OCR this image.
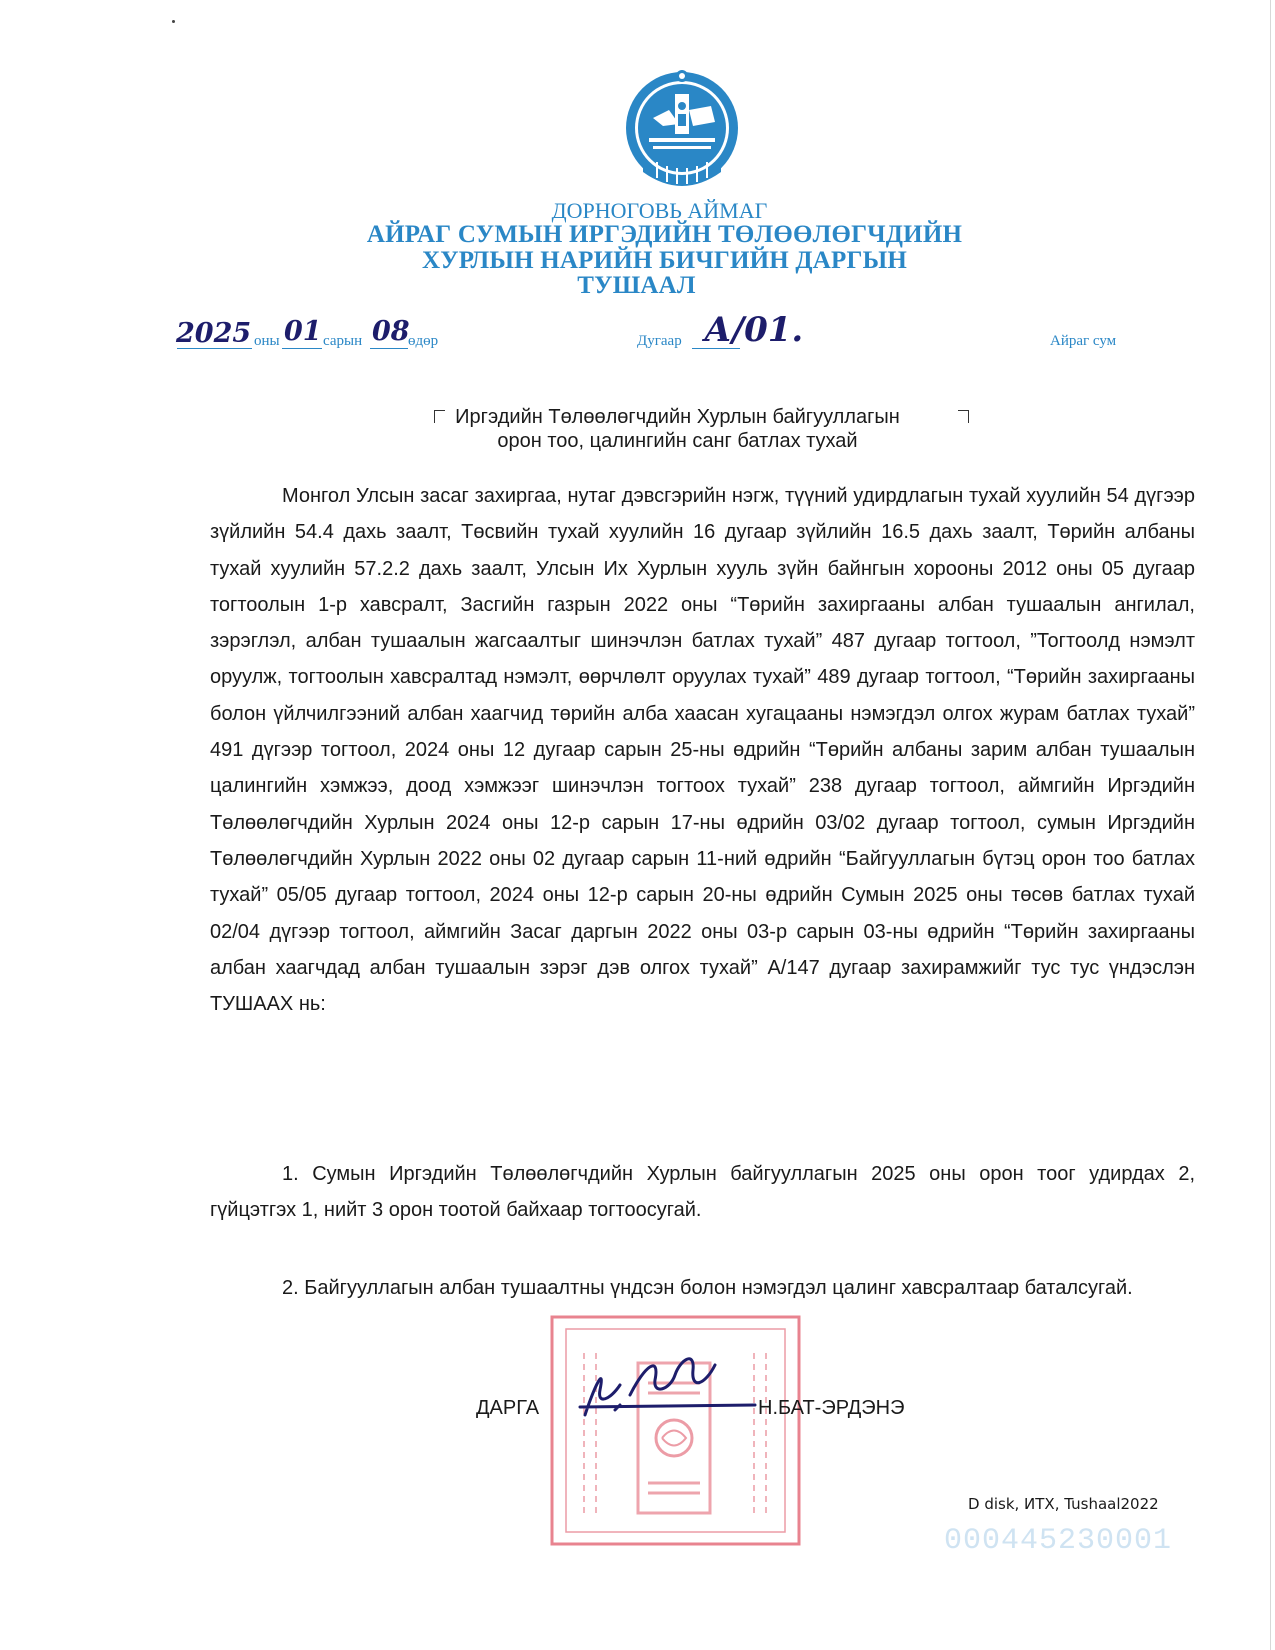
ДОРНОГОВЬ АЙМАГ
АЙРАГ СУМЫН ИРГЭДИЙН ТӨЛӨӨЛӨГЧДИЙН
ХУРЛЫН НАРИЙН БИЧГИЙН ДАРГЫН
ТУШААЛ
2025 оны 01 сарын 08
өдөр	Дугаар А/01.	Айраг сум
Иргэдийн Төлөөлөгчдийн Хурлын байгууллагын
орон тоо, цалингийн санг батлах тухай

Монгол Улсын засаг захиргаа, нутаг дэвсгэрийн нэгж, түүний удирдлагын тухай хуулийн 54 дүгээр зүйлийн 54.4 дахь заалт, Төсвийн тухай хуулийн 16 дугаар зүйлийн 16.5 дахь заалт, Төрийн албаны тухай хуулийн 57.2.2 дахь заалт, Улсын Их Хурлын хууль зүйн байнгын хорооны 2012 оны 05 дугаар тогтоолын 1-р хавсралт, Засгийн газрын 2022 оны “Төрийн захиргааны албан тушаалын ангилал, зэрэглэл, албан тушаалын жагсаалтыг шинэчлэн батлах тухай” 487 дугаар тогтоол, ”Тогтоолд нэмэлт оруулж, тогтоолын хавсралтад нэмэлт, өөрчлөлт оруулах тухай” 489 дугаар тогтоол, “Төрийн захиргааны болон үйлчилгээний албан хаагчид төрийн алба хаасан хугацааны нэмэгдэл олгох журам батлах тухай” 491 дүгээр тогтоол, 2024 оны 12 дугаар сарын 25-ны өдрийн “Төрийн албаны зарим албан тушаалын цалингийн хэмжээ, доод хэмжээг шинэчлэн тогтоох тухай” 238 дугаар тогтоол, аймгийн Иргэдийн Төлөөлөгчдийн Хурлын 2024 оны 12-р сарын 17-ны өдрийн 03/02 дугаар тогтоол, сумын Иргэдийн Төлөөлөгчдийн Хурлын 2022 оны 02 дугаар сарын 11-ний өдрийн “Байгууллагын бүтэц орон тоо батлах тухай” 05/05 дугаар тогтоол, 2024 оны 12-р сарын 20-ны өдрийн Сумын 2025 оны төсөв батлах тухай 02/04 дүгээр тогтоол, аймгийн Засаг даргын 2022 оны 03-р сарын 03-ны өдрийн “Төрийн захиргааны албан хаагчдад албан тушаалын зэрэг дэв олгох тухай” А/147 дугаар захирамжийг тус тус үндэслэн ТУШААХ нь:

1. Сумын Иргэдийн Төлөөлөгчдийн Хурлын байгууллагын 2025 оны орон тоог удирдах 2, гүйцэтгэх 1, нийт 3 орон тоотой байхаар тогтоосугай.

2. Байгууллагын албан тушаалтны үндсэн болон нэмэгдэл цалинг хавсралтаар баталсугай.

ДАРГА	Н.БАТ-ЭРДЭНЭ
D disk, ИТХ, Tushaal2022
000445230001
